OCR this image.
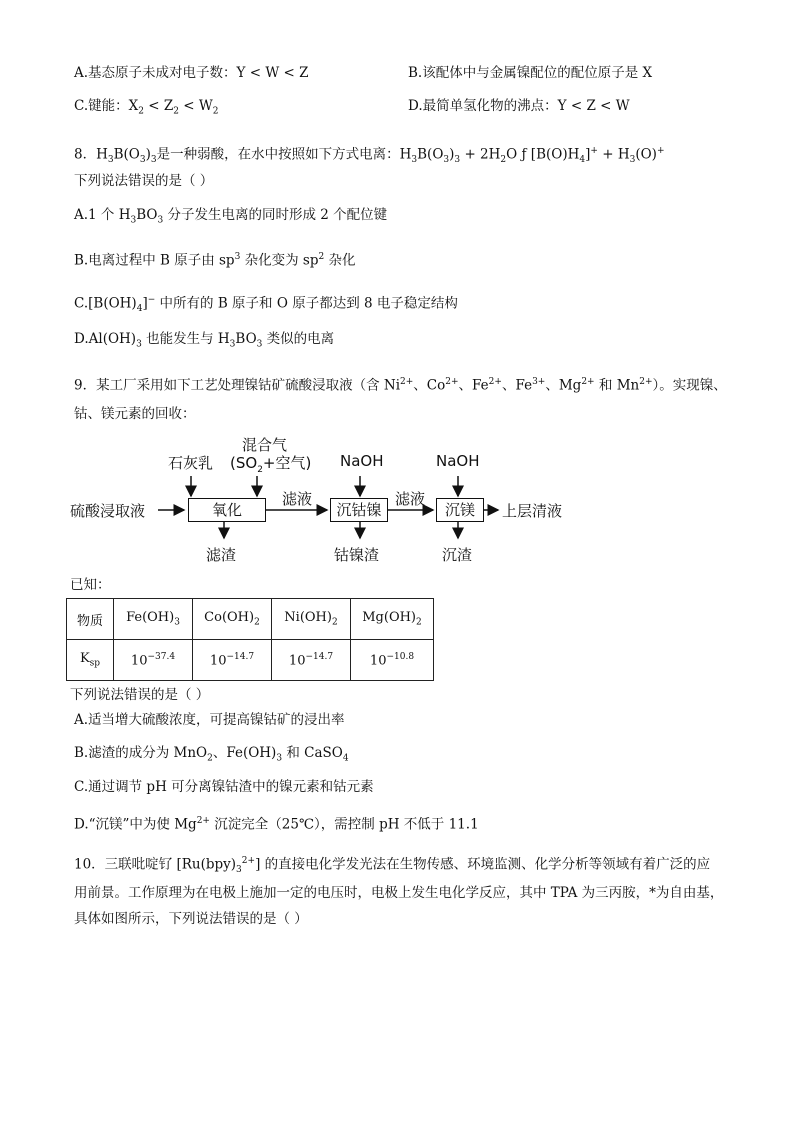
A.基态原子未成对电子数：Y < W < Z	B.该配体中与金属镍配位的配位原子是 X
C.键能：$X_2 < Z_2 < W_2$	D.最简单氢化物的沸点：Y < Z < W
8．$H_3B(O_3)_3$是一种弱酸，在水中按照如下方式电离：$H_3B(O_3)_3 + 2H_2O$ ƒ $[B(O)H_4]^+ + H_3(O)^+$
下列说法错误的是（ ）
A.1 个 $H_3BO_3$ 分子发生电离的同时形成 2 个配位键
B.电离过程中 B 原子由 $sp^3$ 杂化变为 $sp^2$ 杂化
$C.[B(OH)_4]^-$ 中所有的 B 原子和 O 原子都达到 8 电子稳定结构
$D.Al(OH)_3$ 也能发生与 $H_3BO_3$ 类似的电离
9．某工厂采用如下工艺处理镍钴矿硫酸浸取液（含 $Ni^{2+}$、$Co^{2+}$、$Fe^{2+}$、$Fe^{3+}$、$Mg^{2+}$ 和 $Mn^{2+}$）。实现镍、
钴、镁元素的回收：
硫酸浸取液
石灰乳
混合气
($SO_2+$空气)
氧化
滤渣
滤液
NaOH
沉钴镍
钴镍渣
滤液
NaOH
沉镁
沉渣
上层清液
已知：
物质	$Fe(OH)_3$	$Co(OH)_2$	$Ni(OH)_2$	$Mg(OH)_2$
$K_{sp}$	$10^{-37.4}$	$10^{-14.7}$	$10^{-14.7}$	$10^{-10.8}$
下列说法错误的是（ ）
A.适当增大硫酸浓度，可提高镍钴矿的浸出率
B.滤渣的成分为 MnO$_2$、$Fe(OH)_3$ 和 CaSO$_4$
C.通过调节 pH 可分离镍钴渣中的镍元素和钴元素
D.“沉镁”中为使 $Mg^{2+}$ 沉淀完全（25℃），需控制 pH 不低于 11.1
10．三联吡啶钌 $[Ru(bpy)_3^{2+}]$ 的直接电化学发光法在生物传感、环境监测、化学分析等领域有着广泛的应
用前景。工作原理为在电极上施加一定的电压时，电极上发生电化学反应，其中 TPA 为三丙胺，*为自由基，
具体如图所示，下列说法错误的是（ ）
